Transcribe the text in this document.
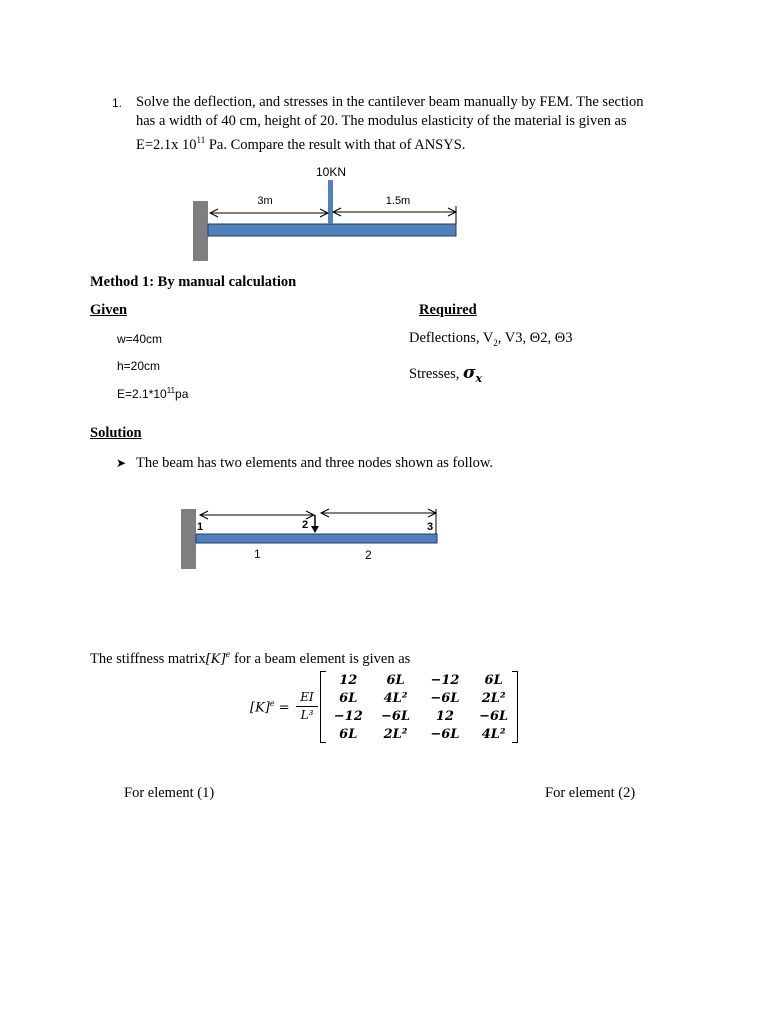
1. Solve the deflection, and stresses in the cantilever beam manually by FEM. The section
has a width of 40 cm, height of 20. The modulus elasticity of the material is given as
E=2.1x $10^{11}$ Pa. Compare the result with that of ANSYS.
10KN
3m	1.5m
Method 1: By manual calculation
Given
w=40cm
h=20cm
$E=2.1*10^{11}pa$
Required
Deflections, $V_2$, V3, Θ2, Θ3
Stresses, $\sigma_x$
Solution
➤ The beam has two elements and three nodes shown as follow.
1	2	3
1	2
The stiffness $matrix[K]^e$ for a beam element is given as
$[K]^e$ =
EI
L³
12	6L	−12	6L
6L	4L²	−6L	2L²
−12	−6L	12	−6L
6L	2L²	−6L	4L²
For element (1)	For element (2)
